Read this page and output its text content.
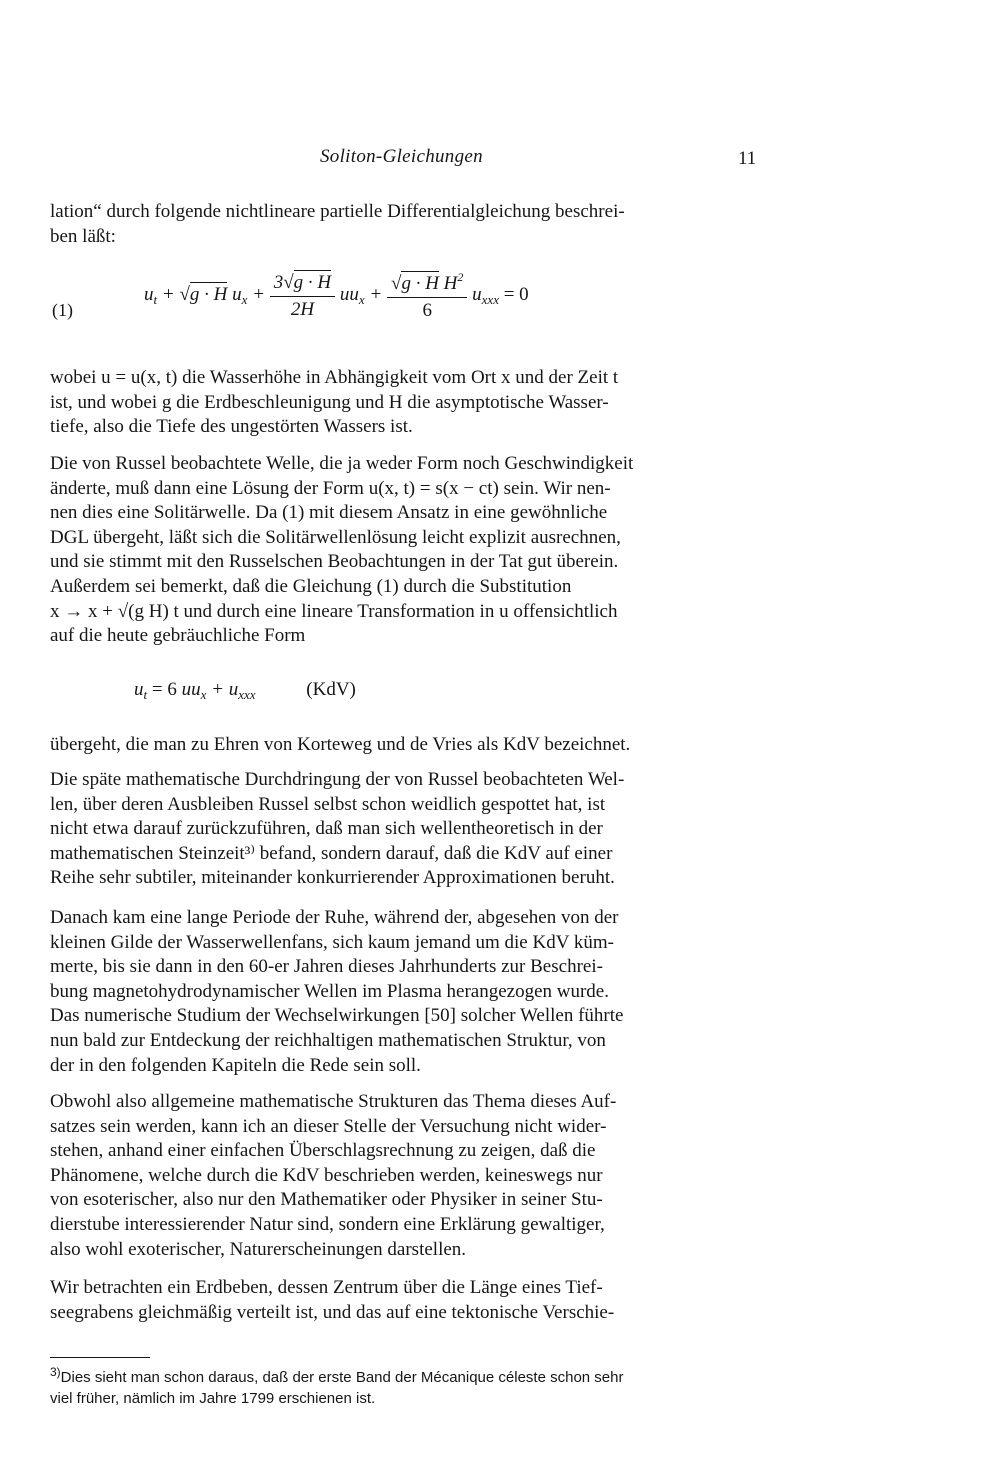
Soliton-Gleichungen	11
lation“ durch folgende nichtlineare partielle Differentialgleichung beschrei-
ben läßt:
(1)
$u_t + √g \cdot H$ $u_x + \frac{3√g \cdot H}{2H} uu_x + \frac{√g \cdot H H^2}{6} u_{xxx} = 0$
wobei u = u(x, t) die Wasserhöhe in Abhängigkeit vom Ort x und der Zeit t
ist, und wobei g die Erdbeschleunigung und H die asymptotische Wasser-
tiefe, also die Tiefe des ungestörten Wassers ist.
Die von Russel beobachtete Welle, die ja weder Form noch Geschwindigkeit
änderte, muß dann eine Lösung der Form u(x, t) = s(x − ct) sein. Wir nen-
nen dies eine Solitärwelle. Da (1) mit diesem Ansatz in eine gewöhnliche
DGL übergeht, läßt sich die Solitärwellenlösung leicht explizit ausrechnen,
und sie stimmt mit den Russelschen Beobachtungen in der Tat gut überein.
Außerdem sei bemerkt, daß die Gleichung (1) durch die Substitution
x → x + √(g H) t und durch eine lineare Transformation in u offensichtlich
auf die heute gebräuchliche Form
$u_t = 6$ $uu_x + u_{xxx}$	(KdV)
übergeht, die man zu Ehren von Korteweg und de Vries als KdV bezeichnet.
Die späte mathematische Durchdringung der von Russel beobachteten Wel-
len, über deren Ausbleiben Russel selbst schon weidlich gespottet hat, ist
nicht etwa darauf zurückzuführen, daß man sich wellentheoretisch in der
mathematischen Steinzeit³⁾ befand, sondern darauf, daß die KdV auf einer
Reihe sehr subtiler, miteinander konkurrierender Approximationen beruht.
Danach kam eine lange Periode der Ruhe, während der, abgesehen von der
kleinen Gilde der Wasserwellenfans, sich kaum jemand um die KdV küm-
merte, bis sie dann in den 60-er Jahren dieses Jahrhunderts zur Beschrei-
bung magnetohydrodynamischer Wellen im Plasma herangezogen wurde.
Das numerische Studium der Wechselwirkungen [50] solcher Wellen führte
nun bald zur Entdeckung der reichhaltigen mathematischen Struktur, von
der in den folgenden Kapiteln die Rede sein soll.
Obwohl also allgemeine mathematische Strukturen das Thema dieses Auf-
satzes sein werden, kann ich an dieser Stelle der Versuchung nicht wider-
stehen, anhand einer einfachen Überschlagsrechnung zu zeigen, daß die
Phänomene, welche durch die KdV beschrieben werden, keineswegs nur
von esoterischer, also nur den Mathematiker oder Physiker in seiner Stu-
dierstube interessierender Natur sind, sondern eine Erklärung gewaltiger,
also wohl exoterischer, Naturerscheinungen darstellen.
Wir betrachten ein Erdbeben, dessen Zentrum über die Länge eines Tief-
seegrabens gleichmäßig verteilt ist, und das auf eine tektonische Verschie-
$^{3)}$Dies sieht man schon daraus, daß der erste Band der Mécanique céleste schon sehr
viel früher, nämlich im Jahre 1799 erschienen ist.
